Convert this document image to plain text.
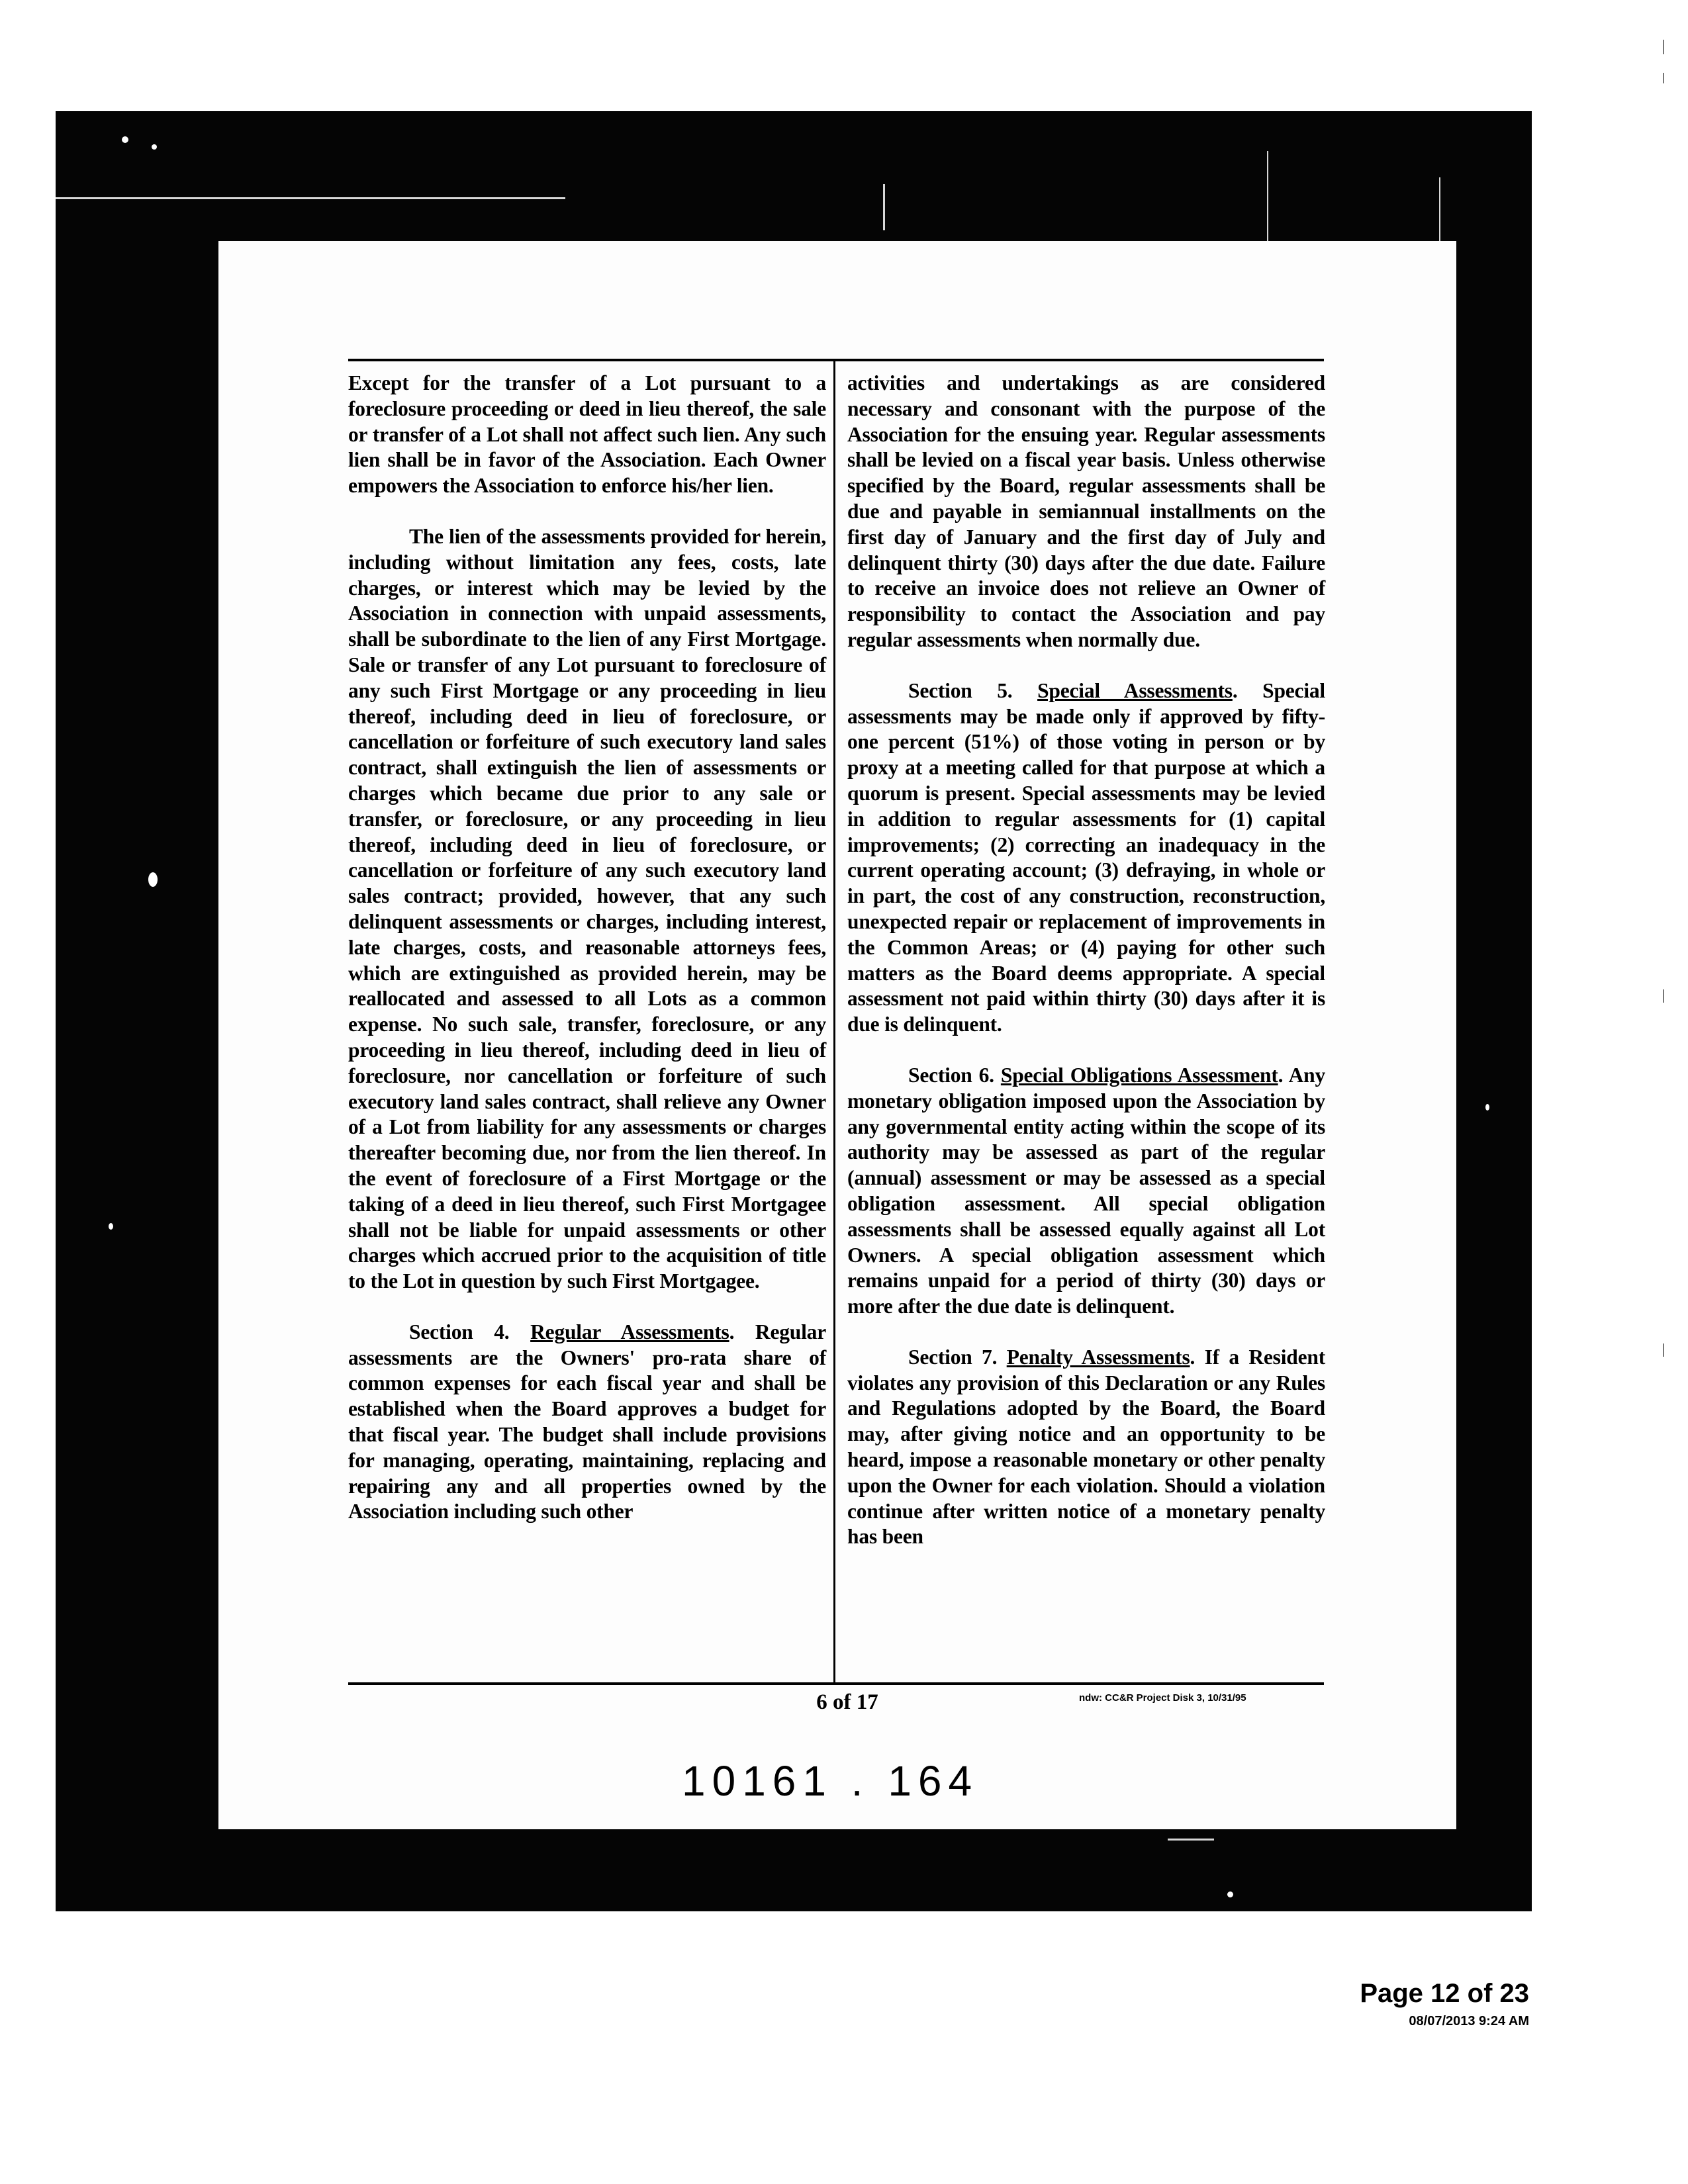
Except for the transfer of a Lot pursuant to a foreclosure proceeding or deed in lieu thereof, the sale or transfer of a Lot shall not affect such lien. Any such lien shall be in favor of the Association. Each Owner empowers the Association to enforce his/her lien.

The lien of the assessments provided for herein, including without limitation any fees, costs, late charges, or interest which may be levied by the Association in connection with unpaid assessments, shall be subordinate to the lien of any First Mortgage. Sale or transfer of any Lot pursuant to foreclosure of any such First Mortgage or any proceeding in lieu thereof, including deed in lieu of foreclosure, or cancellation or forfeiture of such executory land sales contract, shall extinguish the lien of assessments or charges which became due prior to any sale or transfer, or foreclosure, or any proceeding in lieu thereof, including deed in lieu of foreclosure, or cancellation or forfeiture of any such executory land sales contract; provided, however, that any such delinquent assessments or charges, including interest, late charges, costs, and reasonable attorneys fees, which are extinguished as provided herein, may be reallocated and assessed to all Lots as a common expense. No such sale, transfer, foreclosure, or any proceeding in lieu thereof, including deed in lieu of foreclosure, nor cancellation or forfeiture of such executory land sales contract, shall relieve any Owner of a Lot from liability for any assessments or charges thereafter becoming due, nor from the lien thereof. In the event of foreclosure of a First Mortgage or the taking of a deed in lieu thereof, such First Mortgagee shall not be liable for unpaid assessments or other charges which accrued prior to the acquisition of title to the Lot in question by such First Mortgagee.

Section 4. Regular Assessments. Regular assessments are the Owners' pro-rata share of common expenses for each fiscal year and shall be established when the Board approves a budget for that fiscal year. The budget shall include provisions for managing, operating, maintaining, replacing and repairing any and all properties owned by the Association including such other

activities and undertakings as are considered necessary and consonant with the purpose of the Association for the ensuing year. Regular assessments shall be levied on a fiscal year basis. Unless otherwise specified by the Board, regular assessments shall be due and payable in semiannual installments on the first day of January and the first day of July and delinquent thirty (30) days after the due date. Failure to receive an invoice does not relieve an Owner of responsibility to contact the Association and pay regular assessments when normally due.

Section 5. Special Assessments. Special assessments may be made only if approved by fifty-one percent (51%) of those voting in person or by proxy at a meeting called for that purpose at which a quorum is present. Special assessments may be levied in addition to regular assessments for (1) capital improvements; (2) correcting an inadequacy in the current operating account; (3) defraying, in whole or in part, the cost of any construction, reconstruction, unexpected repair or replacement of improvements in the Common Areas; or (4) paying for other such matters as the Board deems appropriate. A special assessment not paid within thirty (30) days after it is due is delinquent.

Section 6. Special Obligations Assessment. Any monetary obligation imposed upon the Association by any governmental entity acting within the scope of its authority may be assessed as part of the regular (annual) assessment or may be assessed as a special obligation assessment. All special obligation assessments shall be assessed equally against all Lot Owners. A special obligation assessment which remains unpaid for a period of thirty (30) days or more after the due date is delinquent.

Section 7. Penalty Assessments. If a Resident violates any provision of this Declaration or any Rules and Regulations adopted by the Board, the Board may, after giving notice and an opportunity to be heard, impose a reasonable monetary or other penalty upon the Owner for each violation. Should a violation continue after written notice of a monetary penalty has been

6 of 17	ndw: CC&R Project Disk 3, 10/31/95
10161 . 164
Page 12 of 23
08/07/2013 9:24 AM
